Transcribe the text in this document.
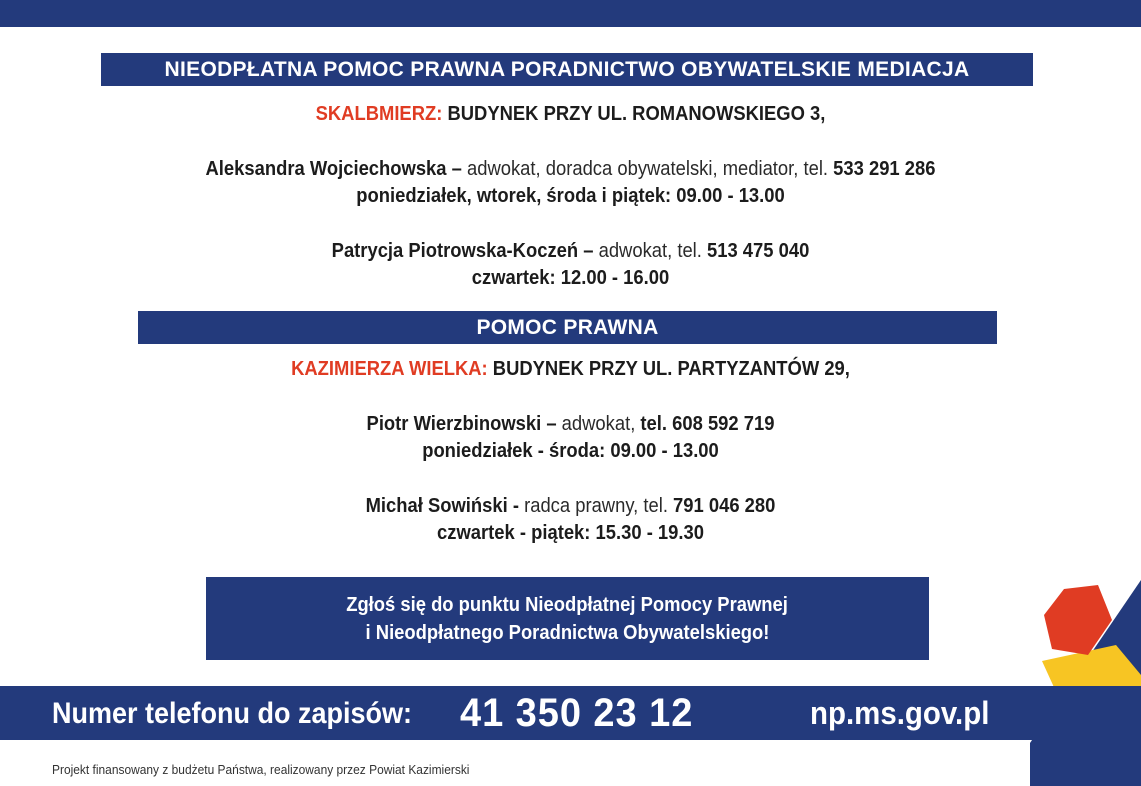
NIEODPŁATNA POMOC PRAWNA PORADNICTWO OBYWATELSKIE MEDIACJA
SKALBMIERZ: BUDYNEK PRZY UL. ROMANOWSKIEGO 3,
Aleksandra Wojciechowska – adwokat, doradca obywatelski, mediator, tel. 533 291 286
poniedziałek, wtorek, środa i piątek: 09.00 - 13.00
Patrycja Piotrowska-Koczeń – adwokat, tel. 513 475 040
czwartek: 12.00 - 16.00
POMOC PRAWNA
KAZIMIERZA WIELKA: BUDYNEK PRZY UL. PARTYZANTÓW 29,
Piotr Wierzbinowski – adwokat, tel. 608 592 719
poniedziałek - środa: 09.00 - 13.00
Michał Sowiński - radca prawny, tel. 791 046 280
czwartek - piątek: 15.30 - 19.30
Zgłoś się do punktu Nieodpłatnej Pomocy Prawnej
i Nieodpłatnego Poradnictwa Obywatelskiego!
Numer telefonu do zapisów: 41 350 23 12	np.ms.gov.pl
Projekt finansowany z budżetu Państwa, realizowany przez Powiat Kazimierski
